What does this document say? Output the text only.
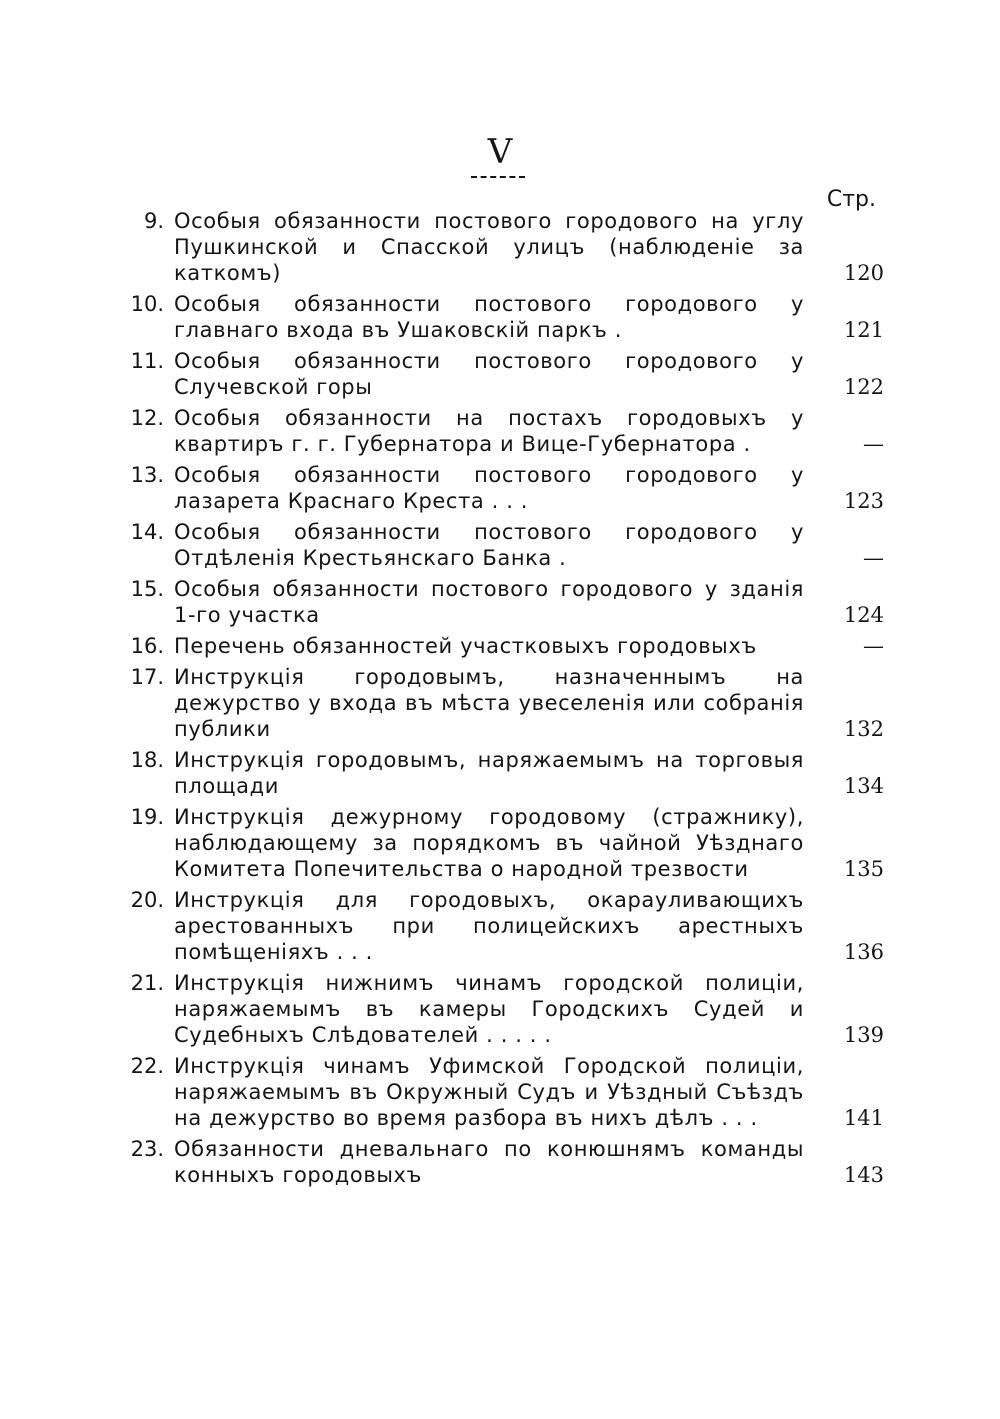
V
Стр.
9. Особыя обязанности постового городового на углу Пушкинской и Спасской улицъ (наблюденіе за каткомъ)	120
10. Особыя обязанности постового городового у главнаго входа въ Ушаковскій паркъ .	121
11. Особыя обязанности постового городового у Случевской горы	122
12. Особыя обязанности на постахъ городовыхъ у квартиръ г. г. Губернатора и Вице-Губернатора .	—
13. Особыя обязанности постового городового у лазарета Краснаго Креста . . .	123
14. Особыя обязанности постового городового у Отдѣленія Крестьянскаго Банка .	—
15. Особыя обязанности постового городового у зданія 1-го участка	124
16. Перечень обязанностей участковыхъ городовыхъ	—
17. Инструкція городовымъ, назначеннымъ на дежурство у входа въ мѣста увеселенія или собранія публики	132
18. Инструкція городовымъ, наряжаемымъ на торговыя площади	134
19. Инструкція дежурному городовому (стражнику), наблюдающему за порядкомъ въ чайной Уѣзднаго Комитета Попечительства о народной трезвости	135
20. Инструкція для городовыхъ, окарауливающихъ арестованныхъ при полицейскихъ арестныхъ помѣщеніяхъ . . .	136
21. Инструкція нижнимъ чинамъ городской полиціи, наряжаемымъ въ камеры Городскихъ Судей и Судебныхъ Слѣдователей . . . . .	139
22. Инструкція чинамъ Уфимской Городской полиціи, наряжаемымъ въ Окружный Судъ и Уѣздный Съѣздъ на дежурство во время разбора въ нихъ дѣлъ . . .	141
23. Обязанности дневальнаго по конюшнямъ команды конныхъ городовыхъ	143
